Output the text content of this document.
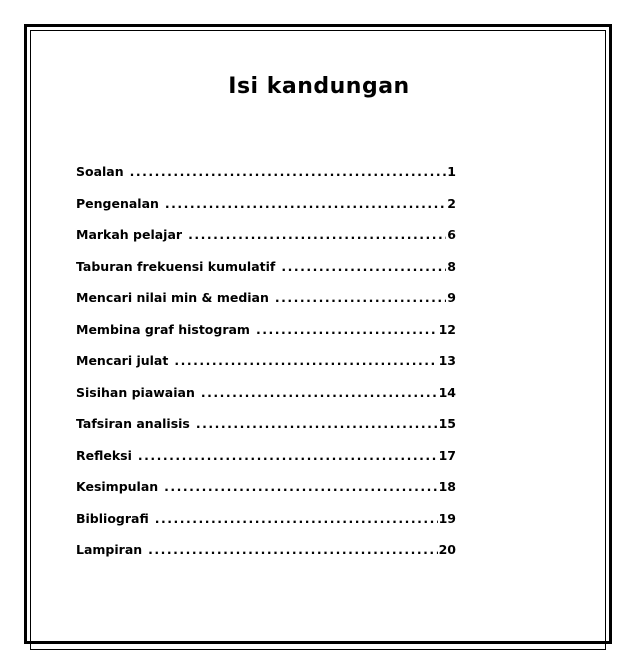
Isi kandungan
Soalan .....	1
Pengenalan .....	2
Markah pelajar .....	6
Taburan frekuensi kumulatif .....	8
Mencari nilai min & median .....	9
Membina graf histogram .....	12
Mencari julat .....	13
Sisihan piawaian .....	14
Tafsiran analisis .....	15
Refleksi .....	17
Kesimpulan .....	18
Bibliografi .....	19
Lampiran .....	20
